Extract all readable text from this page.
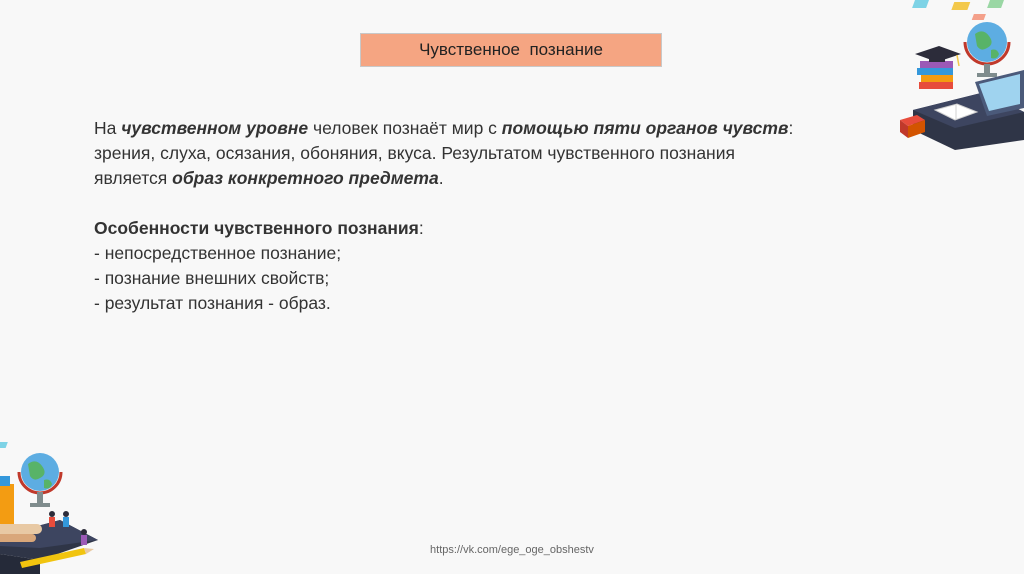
Чувственное  познание

На чувственном уровне человек познаёт мир с помощью пяти органов чувств:

зрения, слуха, осязания, обоняния, вкуса. Результатом чувственного познания

является образ конкретного предмета.

Особенности чувственного познания:

- непосредственное познание;

- познание внешних свойств;

- результат познания - образ.

https://vk.com/ege_oge_obshestv
